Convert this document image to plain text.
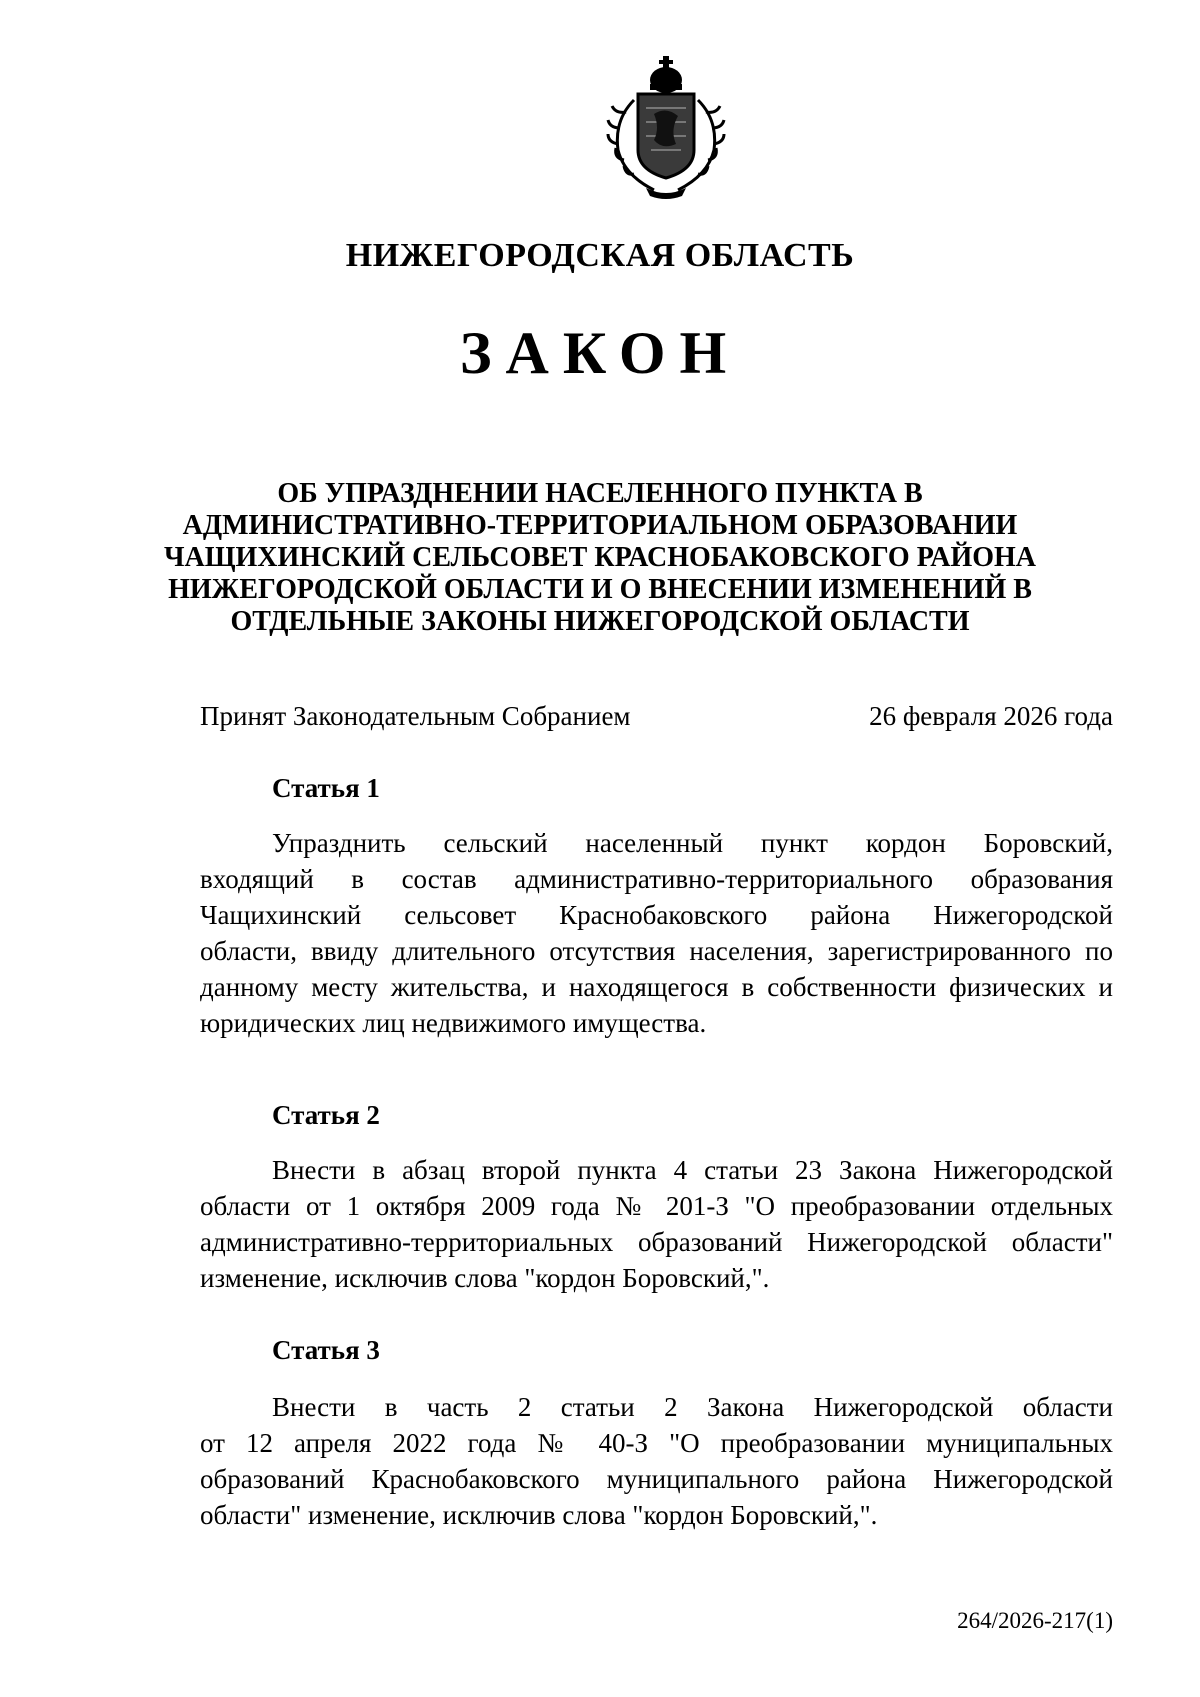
НИЖЕГОРОДСКАЯ ОБЛАСТЬ
ЗАКОН
ОБ УПРАЗДНЕНИИ НАСЕЛЕННОГО ПУНКТА В
АДМИНИСТРАТИВНО-ТЕРРИТОРИАЛЬНОМ ОБРАЗОВАНИИ
ЧАЩИХИНСКИЙ СЕЛЬСОВЕТ КРАСНОБАКОВСКОГО РАЙОНА
НИЖЕГОРОДСКОЙ ОБЛАСТИ И О ВНЕСЕНИИ ИЗМЕНЕНИЙ В
ОТДЕЛЬНЫЕ ЗАКОНЫ НИЖЕГОРОДСКОЙ ОБЛАСТИ
Принят Законодательным Собранием	26 февраля 2026 года
Статья 1
Упразднить сельский населенный пункт кордон Боровский,
входящий в состав административно-территориального образования
Чащихинский сельсовет Краснобаковского района Нижегородской
области, ввиду длительного отсутствия населения, зарегистрированного по
данному месту жительства, и находящегося в собственности физических и
юридических лиц недвижимого имущества.
Статья 2
Внести в абзац второй пункта 4 статьи 23 Закона Нижегородской
области от 1 октября 2009 года № 201-З "О преобразовании отдельных
административно-территориальных образований Нижегородской области"
изменение, исключив слова "кордон Боровский,".
Статья 3
Внести в часть 2 статьи 2 Закона Нижегородской области
от 12 апреля 2022 года № 40-З "О преобразовании муниципальных
образований Краснобаковского муниципального района Нижегородской
области" изменение, исключив слова "кордон Боровский,".
264/2026-217(1)
